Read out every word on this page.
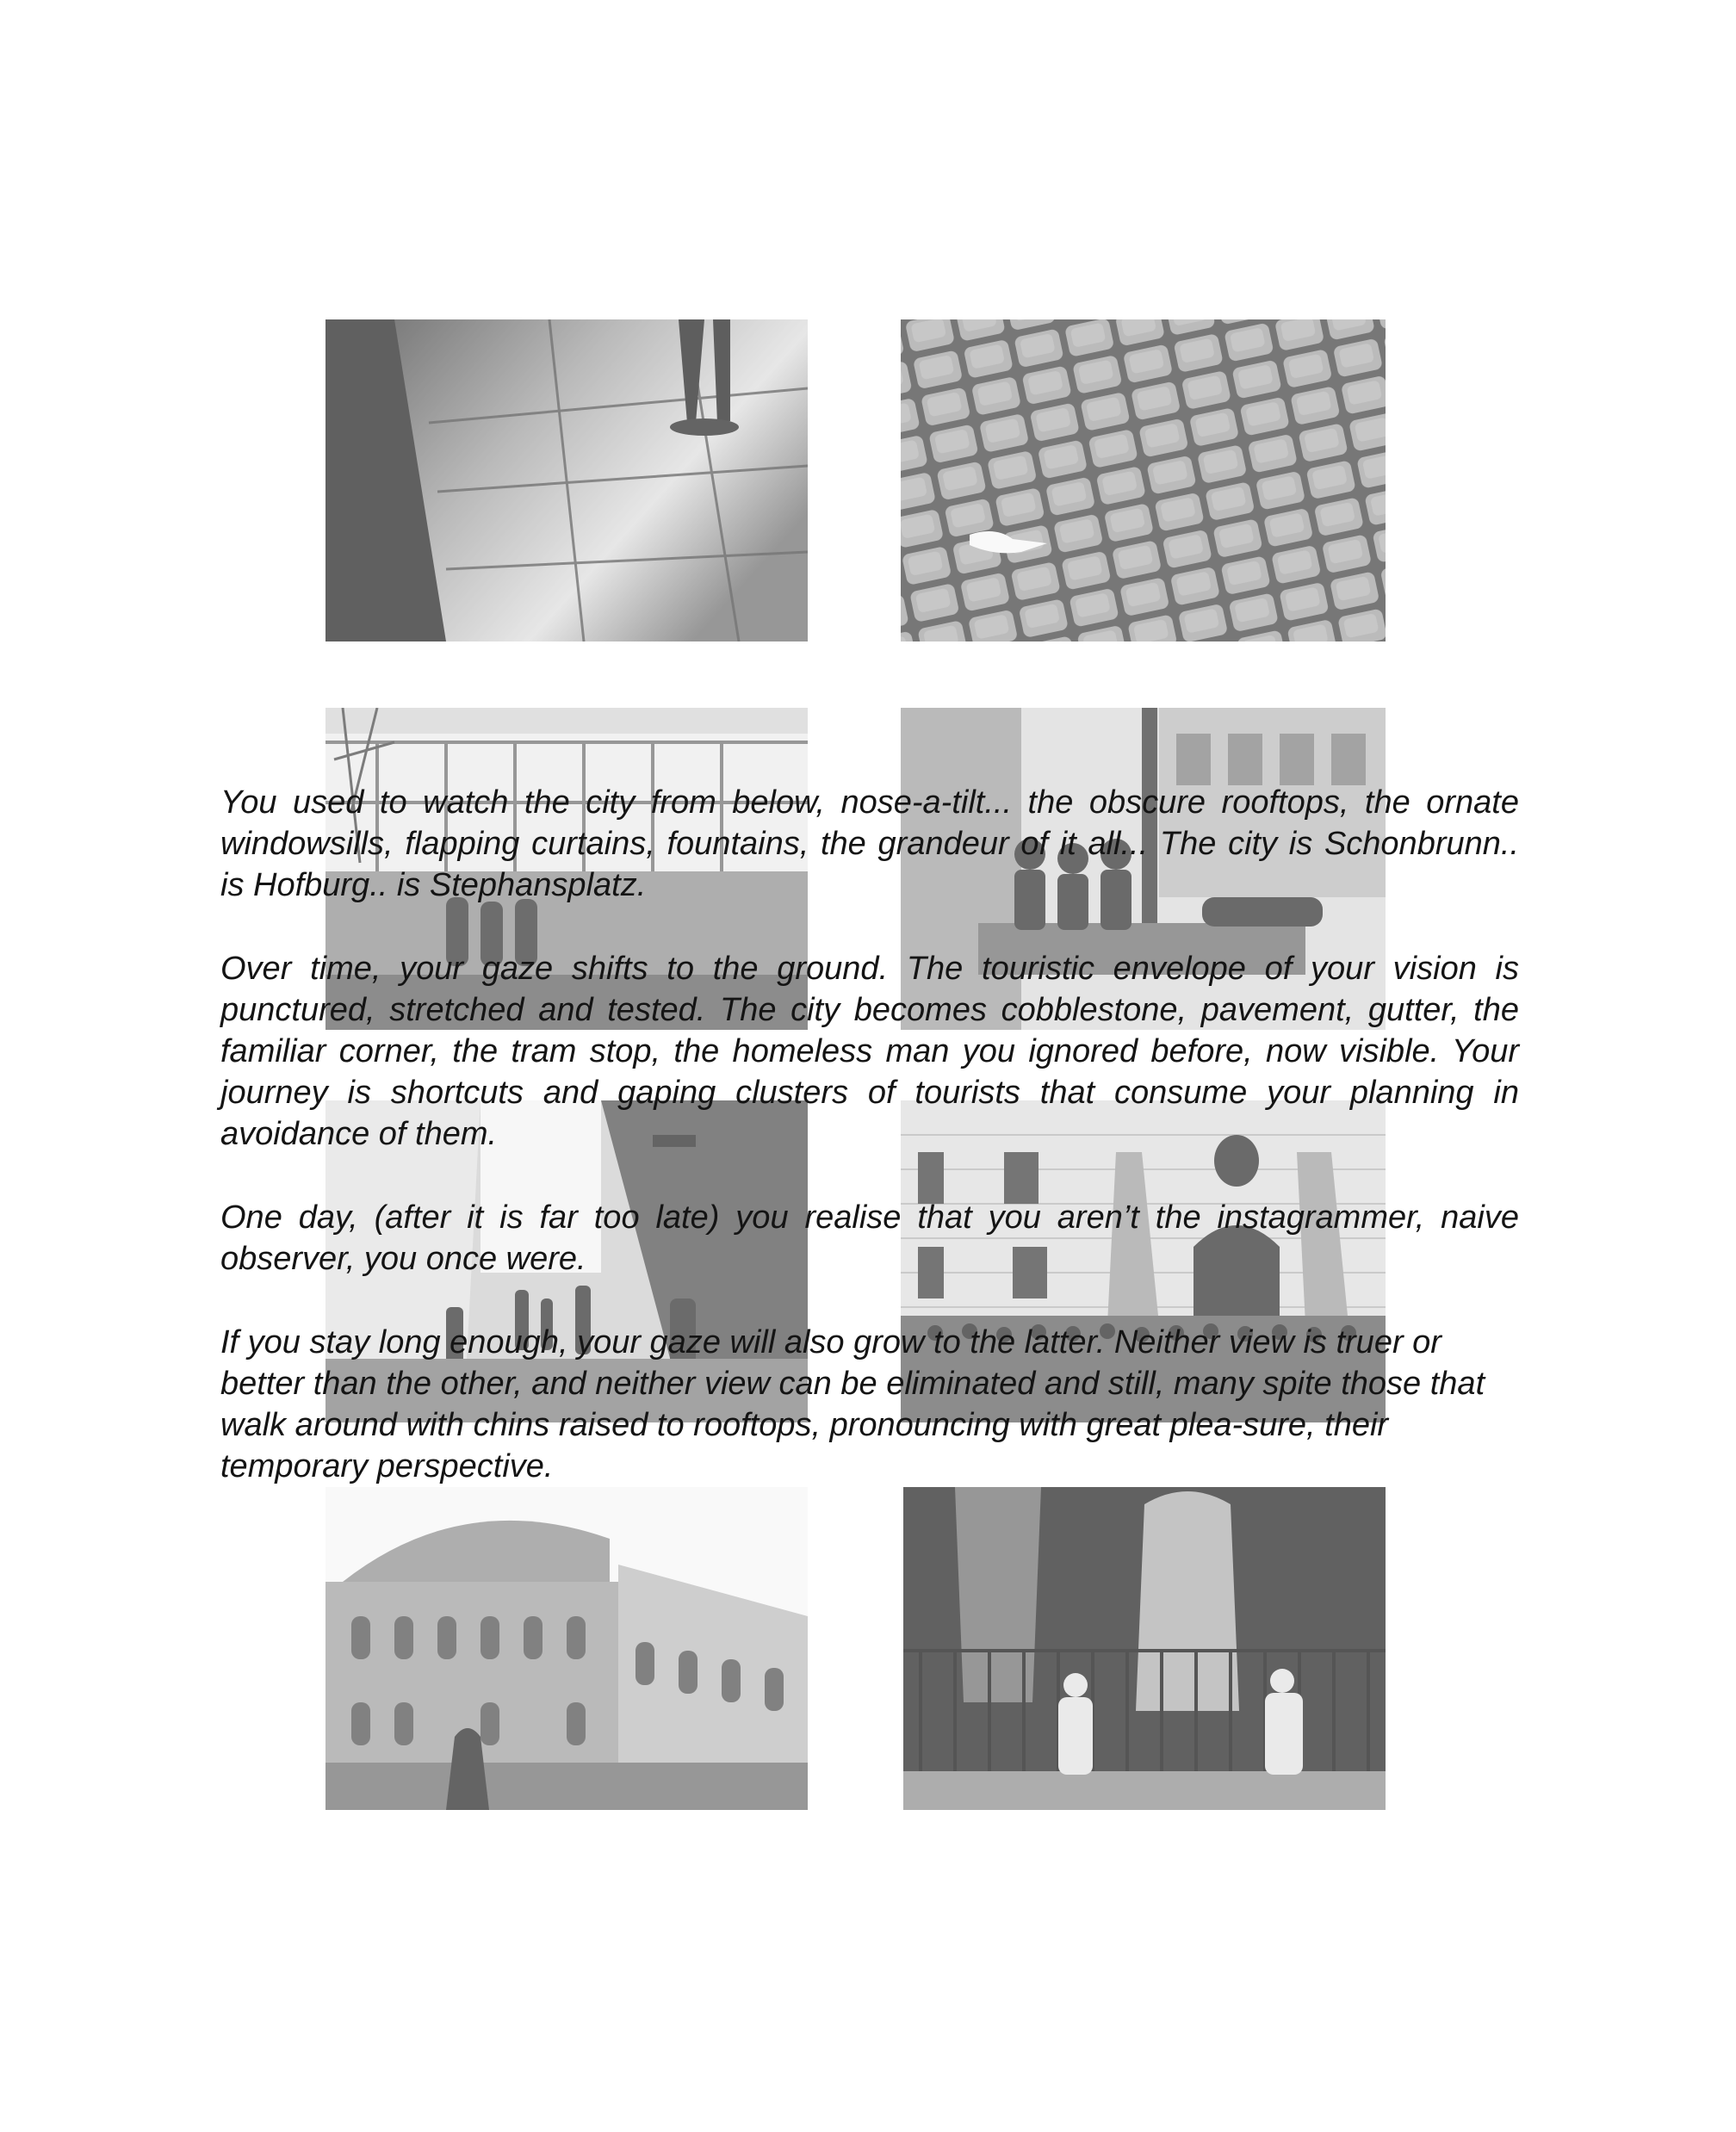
You used to watch the city from below, nose-a-tilt... the obscure rooftops, the ornate windowsills, flapping curtains, fountains, the grandeur of it all... The city is Schonbrunn.. is Hofburg.. is Stephansplatz.

Over time, your gaze shifts to the ground. The touristic envelope of your vision is punctured, stretched and tested. The city becomes cobblestone, pavement, gutter, the familiar corner, the tram stop, the homeless man you ignored before, now visible. Your journey is shortcuts and gaping clusters of tourists that consume your planning in avoidance of them.

One day, (after it is far too late) you realise that you aren’t the instagrammer, naive observer, you once were.

If you stay long enough, your gaze will also grow to the latter. Neither view is truer or better than the other, and neither view can be eliminated and still, many spite those that walk around with chins raised to rooftops, pronouncing with great plea-sure, their temporary perspective.
